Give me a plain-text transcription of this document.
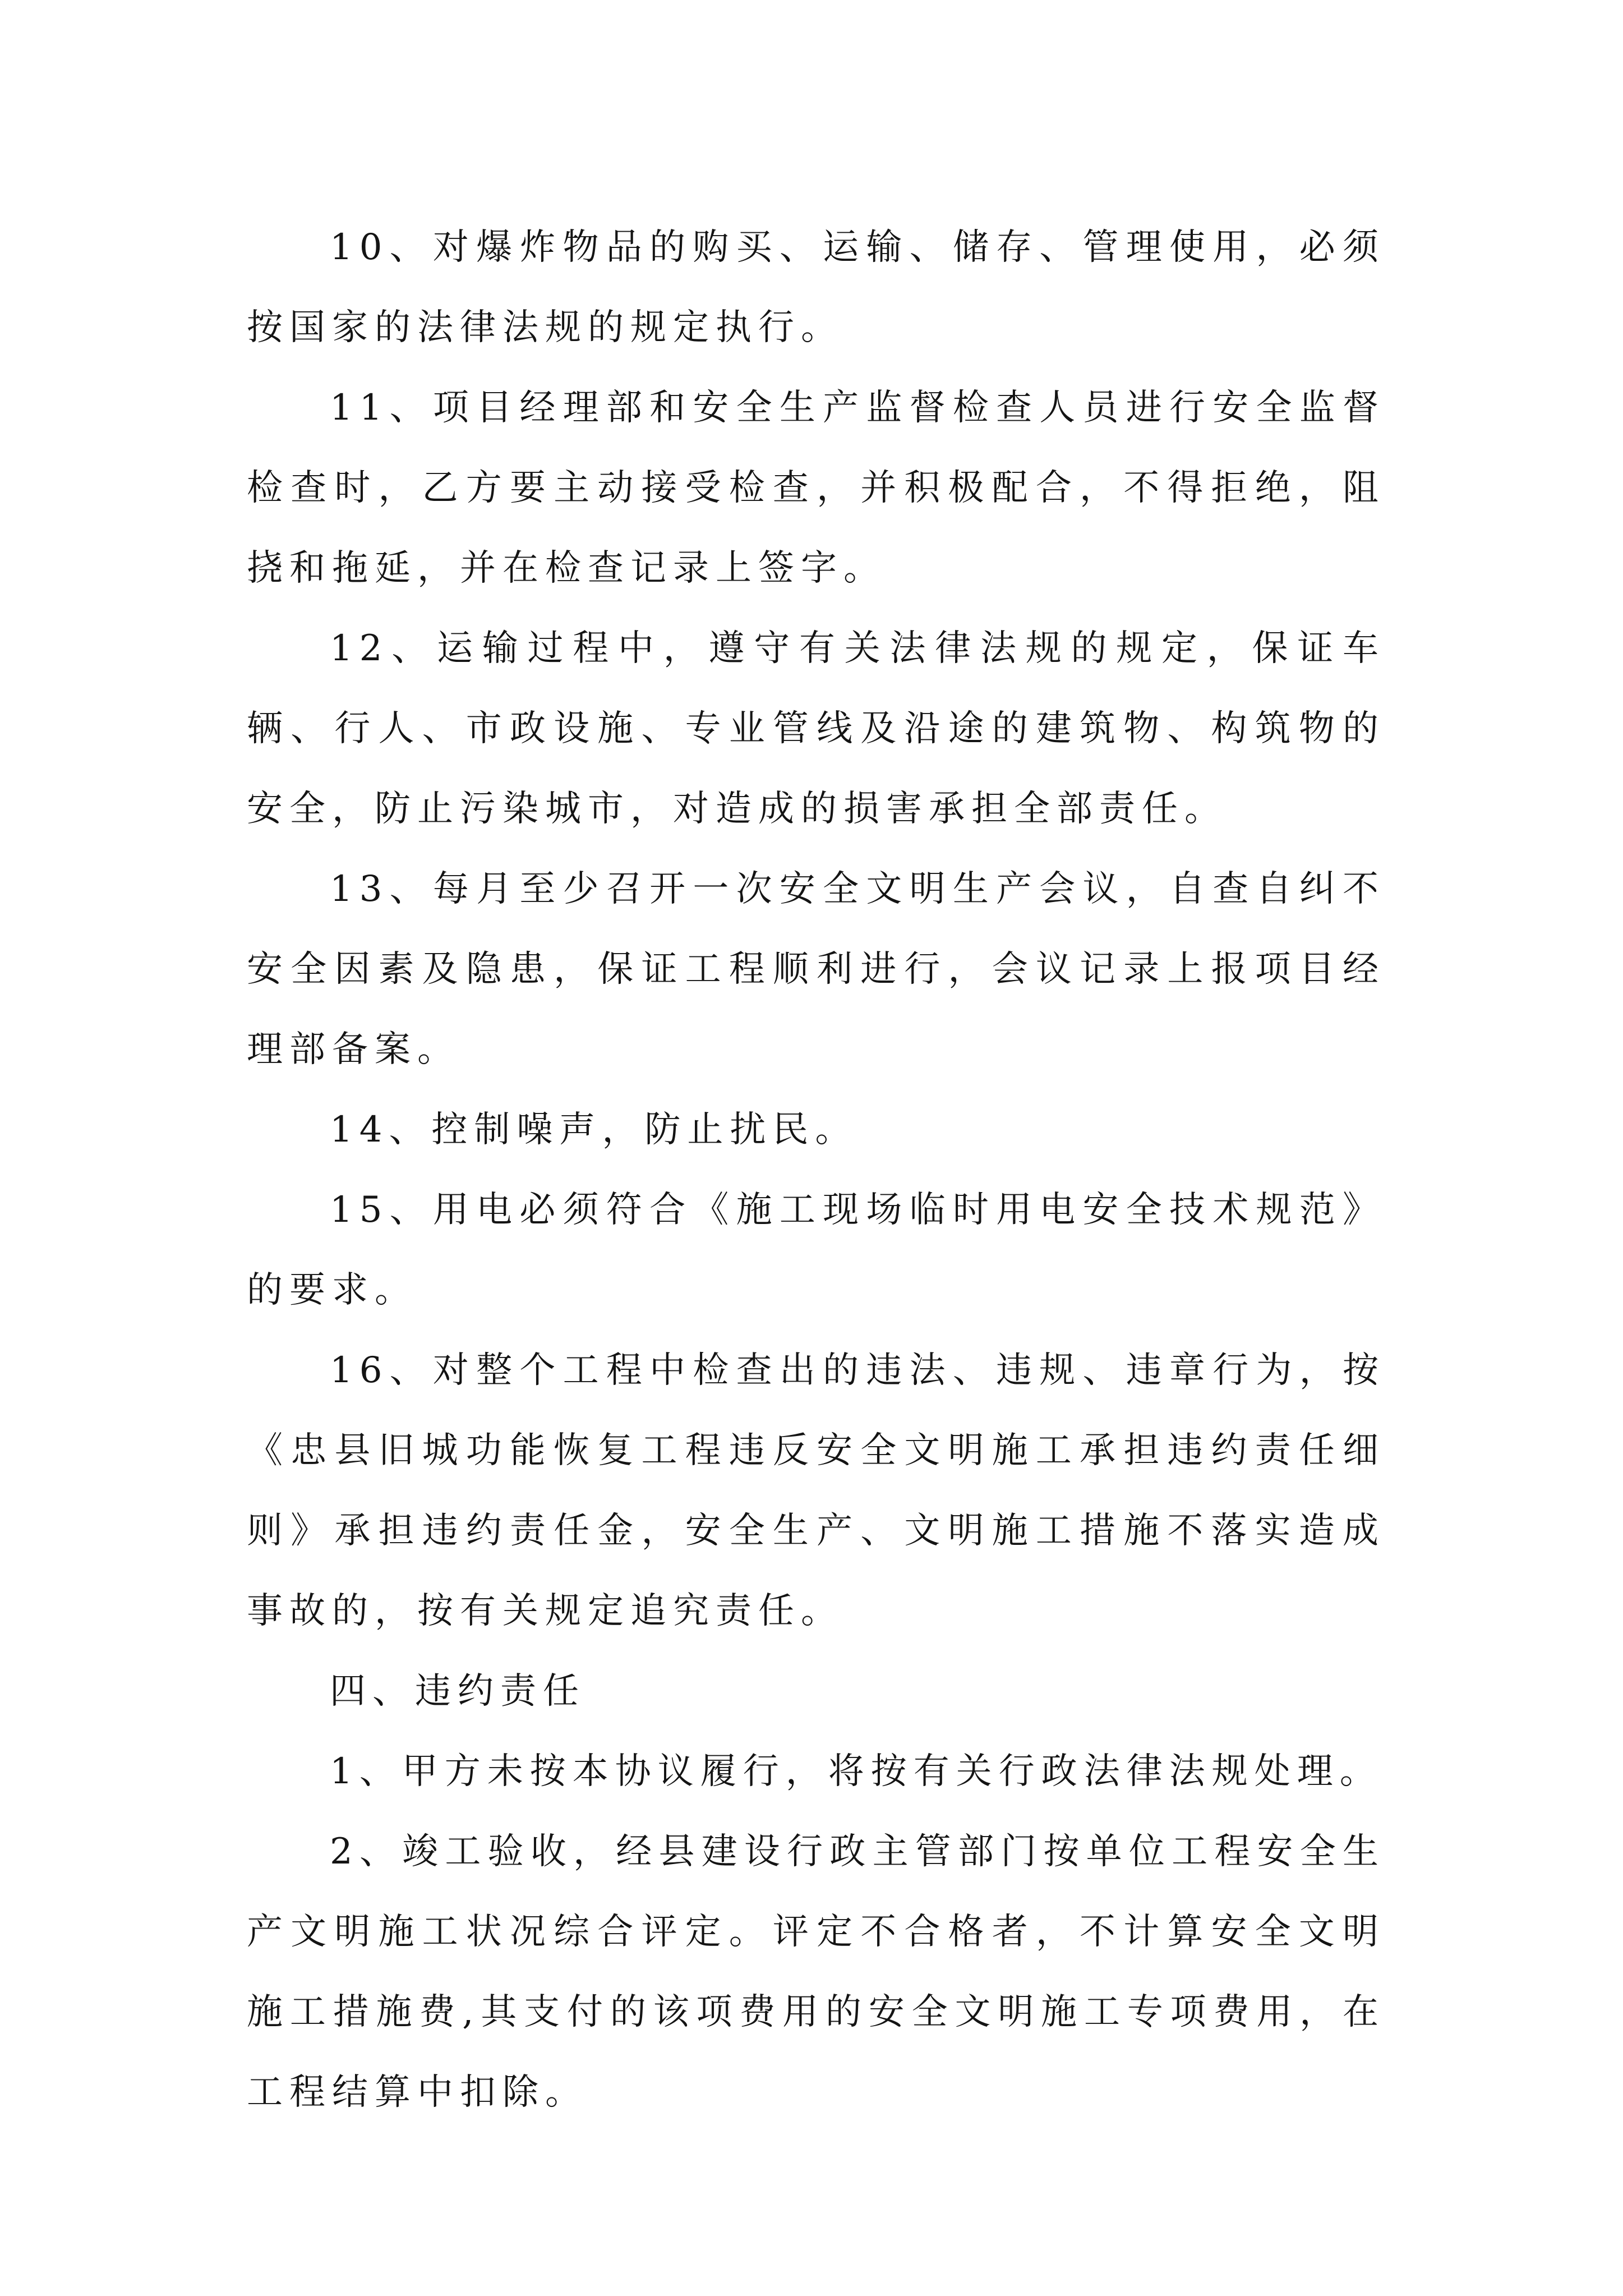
10、对爆炸物品的购买、运输、储存、管理使用，必须按国家的法律法规的规定执行。

11、项目经理部和安全生产监督检查人员进行安全监督检查时，乙方要主动接受检查，并积极配合，不得拒绝，阻挠和拖延，并在检查记录上签字。

12、运输过程中，遵守有关法律法规的规定，保证车辆、行人、市政设施、专业管线及沿途的建筑物、构筑物的安全，防止污染城市，对造成的损害承担全部责任。

13、每月至少召开一次安全文明生产会议，自查自纠不安全因素及隐患，保证工程顺利进行，会议记录上报项目经理部备案。

14、控制噪声，防止扰民。

15、用电必须符合《施工现场临时用电安全技术规范》的要求。

16、对整个工程中检查出的违法、违规、违章行为，按《忠县旧城功能恢复工程违反安全文明施工承担违约责任细则》承担违约责任金，安全生产、文明施工措施不落实造成事故的，按有关规定追究责任。

四、违约责任

1、甲方未按本协议履行，将按有关行政法律法规处理。

2、竣工验收，经县建设行政主管部门按单位工程安全生产文明施工状况综合评定。评定不合格者，不计算安全文明施工措施费,其支付的该项费用的安全文明施工专项费用，在工程结算中扣除。
